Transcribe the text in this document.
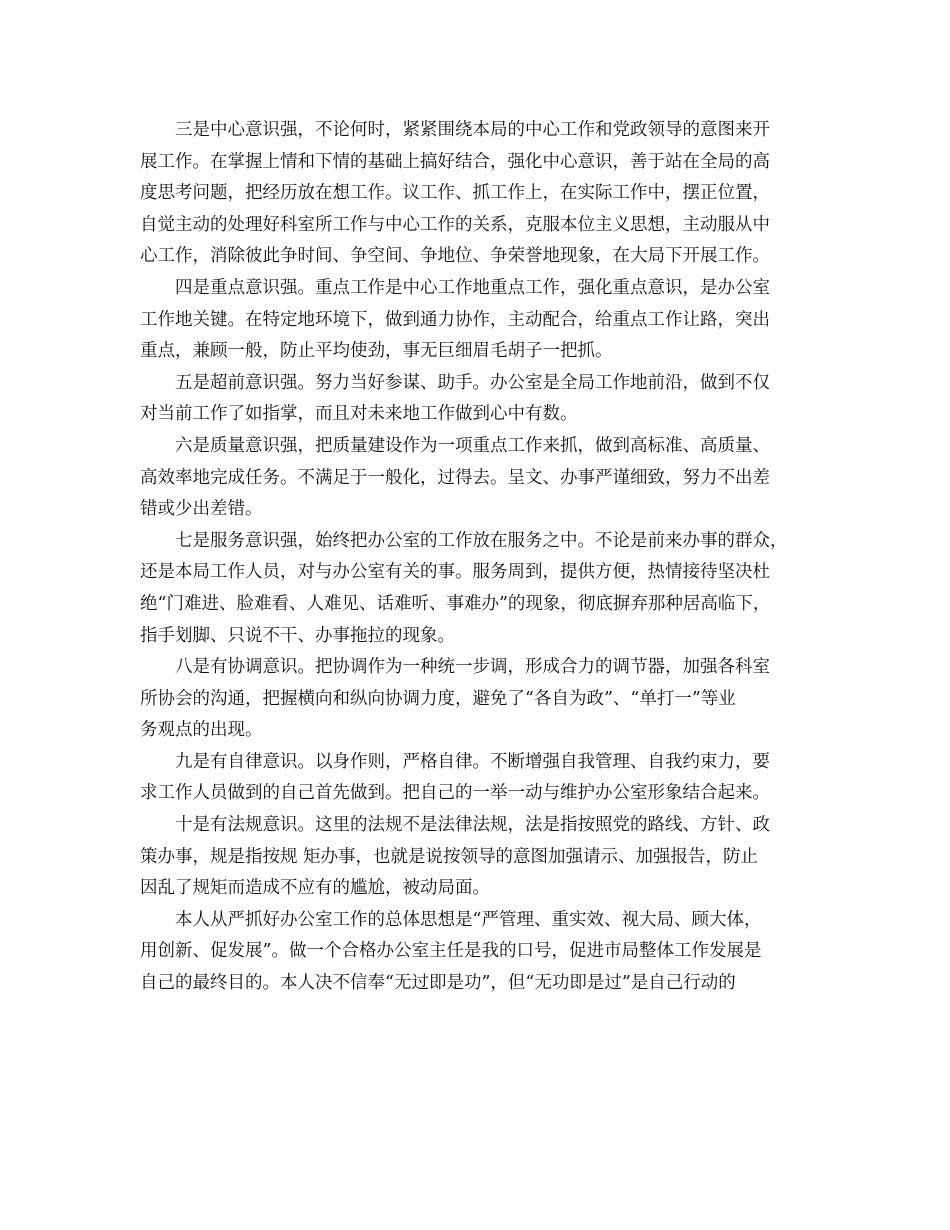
三是中心意识强，不论何时，紧紧围绕本局的中心工作和党政领导的意图来开
展工作。在掌握上情和下情的基础上搞好结合，强化中心意识，善于站在全局的高
度思考问题，把经历放在想工作。议工作、抓工作上，在实际工作中，摆正位置，
自觉主动的处理好科室所工作与中心工作的关系，克服本位主义思想，主动服从中
心工作，消除彼此争时间、争空间、争地位、争荣誉地现象，在大局下开展工作。
四是重点意识强。重点工作是中心工作地重点工作，强化重点意识，是办公室
工作地关键。在特定地环境下，做到通力协作，主动配合，给重点工作让路，突出
重点，兼顾一般，防止平均使劲，事无巨细眉毛胡子一把抓。
五是超前意识强。努力当好参谋、助手。办公室是全局工作地前沿，做到不仅
对当前工作了如指掌，而且对未来地工作做到心中有数。
六是质量意识强，把质量建设作为一项重点工作来抓，做到高标准、高质量、
高效率地完成任务。不满足于一般化，过得去。呈文、办事严谨细致，努力不出差
错或少出差错。
七是服务意识强，始终把办公室的工作放在服务之中。不论是前来办事的群众，
还是本局工作人员，对与办公室有关的事。服务周到，提供方便，热情接待坚决杜
绝“门难进、脸难看、人难见、话难听、事难办”的现象，彻底摒弃那种居高临下，
指手划脚、只说不干、办事拖拉的现象。
八是有协调意识。把协调作为一种统一步调，形成合力的调节器，加强各科室
所协会的沟通，把握横向和纵向协调力度，避免了“各自为政”、“单打一”等业
务观点的出现。
九是有自律意识。以身作则，严格自律。不断增强自我管理、自我约束力，要
求工作人员做到的自己首先做到。把自己的一举一动与维护办公室形象结合起来。
十是有法规意识。这里的法规不是法律法规，法是指按照党的路线、方针、政
策办事，规是指按规 矩办事，也就是说按领导的意图加强请示、加强报告，防止
因乱了规矩而造成不应有的尴尬，被动局面。
本人从严抓好办公室工作的总体思想是“严管理、重实效、视大局、顾大体，
用创新、促发展”。做一个合格办公室主任是我的口号，促进市局整体工作发展是
自己的最终目的。本人决不信奉“无过即是功”，但“无功即是过”是自己行动的
